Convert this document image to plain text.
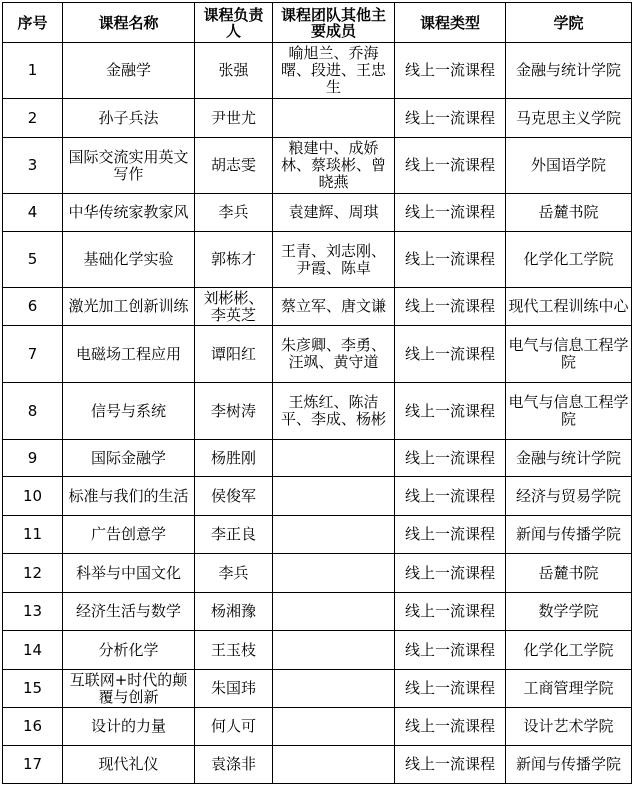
序号	课程名称	课程负责人	课程团队其他主要成员	课程类型	学院
1	金融学	张强	喻旭兰、乔海曙、段进、王忠生	线上一流课程	金融与统计学院
2	孙子兵法	尹世尤		线上一流课程	马克思主义学院
3	国际交流实用英文写作	胡志雯	粮建中、成娇林、蔡琰彬、曾晓燕	线上一流课程	外国语学院
4	中华传统家教家风	李兵	袁建辉、周琪	线上一流课程	岳麓书院
5	基础化学实验	郭栋才	王青、刘志刚、尹霞、陈卓	线上一流课程	化学化工学院
6	激光加工创新训练	刘彬彬、李英芝	蔡立军、唐文谦	线上一流课程	现代工程训练中心
7	电磁场工程应用	谭阳红	朱彦卿、李勇、汪飒、黄守道	线上一流课程	电气与信息工程学院
8	信号与系统	李树涛	王炼红、陈洁平、李成、杨彬	线上一流课程	电气与信息工程学院
9	国际金融学	杨胜刚		线上一流课程	金融与统计学院
10	标准与我们的生活	侯俊军		线上一流课程	经济与贸易学院
11	广告创意学	李正良		线上一流课程	新闻与传播学院
12	科举与中国文化	李兵		线上一流课程	岳麓书院
13	经济生活与数学	杨湘豫		线上一流课程	数学学院
14	分析化学	王玉枝		线上一流课程	化学化工学院
15	互联网+时代的颠覆与创新	朱国玮		线上一流课程	工商管理学院
16	设计的力量	何人可		线上一流课程	设计艺术学院
17	现代礼仪	袁涤非		线上一流课程	新闻与传播学院
